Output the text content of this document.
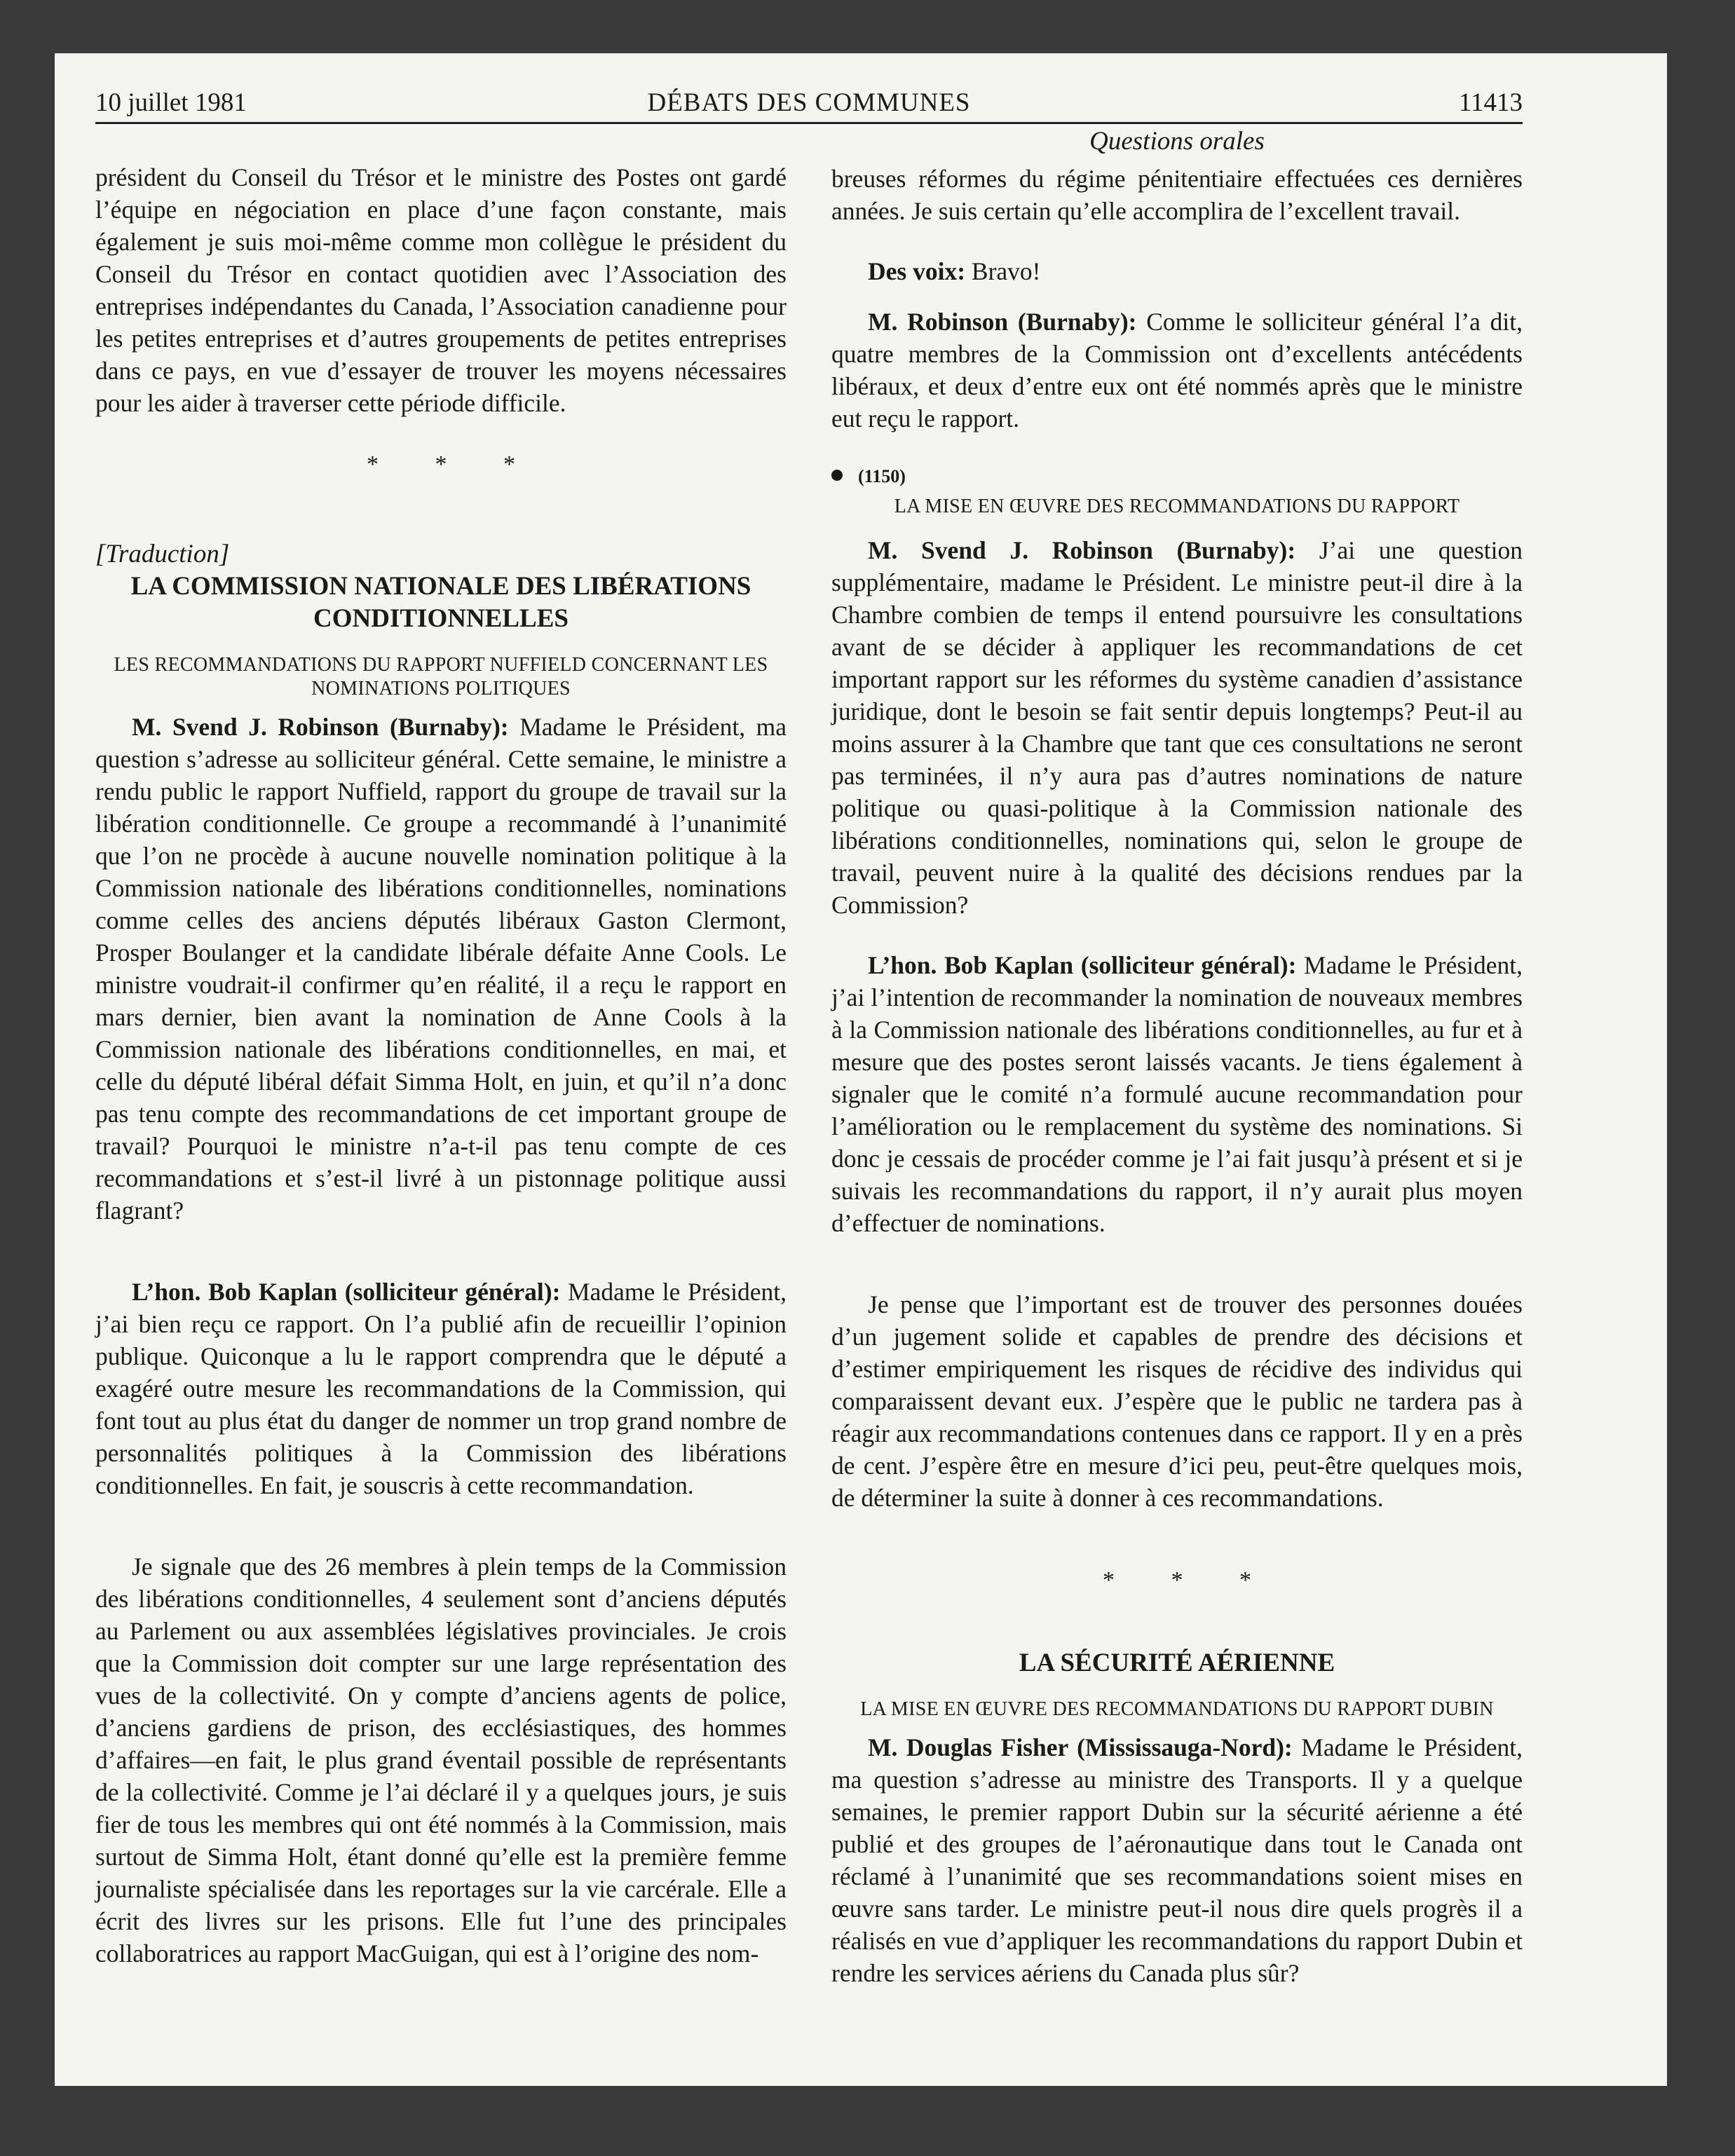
10 juillet 1981	DÉBATS DES COMMUNES	11413
Questions orales

président du Conseil du Trésor et le ministre des Postes ont gardé l’équipe en négociation en place d’une façon constante, mais également je suis moi-même comme mon collègue le président du Conseil du Trésor en contact quotidien avec l’Association des entreprises indépendantes du Canada, l’Association canadienne pour les petites entreprises et d’autres groupements de petites entreprises dans ce pays, en vue d’essayer de trouver les moyens nécessaires pour les aider à traverser cette période difficile.

* * *
[Traduction]
LA COMMISSION NATIONALE DES LIBÉRATIONS CONDITIONNELLES
LES RECOMMANDATIONS DU RAPPORT NUFFIELD CONCERNANT LES NOMINATIONS POLITIQUES

M. Svend J. Robinson (Burnaby): Madame le Président, ma question s’adresse au solliciteur général. Cette semaine, le ministre a rendu public le rapport Nuffield, rapport du groupe de travail sur la libération conditionnelle. Ce groupe a recommandé à l’unanimité que l’on ne procède à aucune nouvelle nomination politique à la Commission nationale des libérations conditionnelles, nominations comme celles des anciens députés libéraux Gaston Clermont, Prosper Boulanger et la candidate libérale défaite Anne Cools. Le ministre voudrait-il confirmer qu’en réalité, il a reçu le rapport en mars dernier, bien avant la nomination de Anne Cools à la Commission nationale des libérations conditionnelles, en mai, et celle du député libéral défait Simma Holt, en juin, et qu’il n’a donc pas tenu compte des recommandations de cet important groupe de travail? Pourquoi le ministre n’a-t-il pas tenu compte de ces recommandations et s’est-il livré à un pistonnage politique aussi flagrant?

L’hon. Bob Kaplan (solliciteur général): Madame le Président, j’ai bien reçu ce rapport. On l’a publié afin de recueillir l’opinion publique. Quiconque a lu le rapport comprendra que le député a exagéré outre mesure les recommandations de la Commission, qui font tout au plus état du danger de nommer un trop grand nombre de personnalités politiques à la Commission des libérations conditionnelles. En fait, je souscris à cette recommandation.

Je signale que des 26 membres à plein temps de la Commission des libérations conditionnelles, 4 seulement sont d’anciens députés au Parlement ou aux assemblées législatives provinciales. Je crois que la Commission doit compter sur une large représentation des vues de la collectivité. On y compte d’anciens agents de police, d’anciens gardiens de prison, des ecclésiastiques, des hommes d’affaires—en fait, le plus grand éventail possible de représentants de la collectivité. Comme je l’ai déclaré il y a quelques jours, je suis fier de tous les membres qui ont été nommés à la Commission, mais surtout de Simma Holt, étant donné qu’elle est la première femme journaliste spécialisée dans les reportages sur la vie carcérale. Elle a écrit des livres sur les prisons. Elle fut l’une des principales collaboratrices au rapport MacGuigan, qui est à l’origine des nom-

breuses réformes du régime pénitentiaire effectuées ces dernières années. Je suis certain qu’elle accomplira de l’excellent travail.

Des voix: Bravo!

M. Robinson (Burnaby): Comme le solliciteur général l’a dit, quatre membres de la Commission ont d’excellents antécédents libéraux, et deux d’entre eux ont été nommés après que le ministre eut reçu le rapport.

(1150)
LA MISE EN ŒUVRE DES RECOMMANDATIONS DU RAPPORT

M. Svend J. Robinson (Burnaby): J’ai une question supplémentaire, madame le Président. Le ministre peut-il dire à la Chambre combien de temps il entend poursuivre les consultations avant de se décider à appliquer les recommandations de cet important rapport sur les réformes du système canadien d’assistance juridique, dont le besoin se fait sentir depuis longtemps? Peut-il au moins assurer à la Chambre que tant que ces consultations ne seront pas terminées, il n’y aura pas d’autres nominations de nature politique ou quasi-politique à la Commission nationale des libérations conditionnelles, nominations qui, selon le groupe de travail, peuvent nuire à la qualité des décisions rendues par la Commission?

L’hon. Bob Kaplan (solliciteur général): Madame le Président, j’ai l’intention de recommander la nomination de nouveaux membres à la Commission nationale des libérations conditionnelles, au fur et à mesure que des postes seront laissés vacants. Je tiens également à signaler que le comité n’a formulé aucune recommandation pour l’amélioration ou le remplacement du système des nominations. Si donc je cessais de procéder comme je l’ai fait jusqu’à présent et si je suivais les recommandations du rapport, il n’y aurait plus moyen d’effectuer de nominations.

Je pense que l’important est de trouver des personnes douées d’un jugement solide et capables de prendre des décisions et d’estimer empiriquement les risques de récidive des individus qui comparaissent devant eux. J’espère que le public ne tardera pas à réagir aux recommandations contenues dans ce rapport. Il y en a près de cent. J’espère être en mesure d’ici peu, peut-être quelques mois, de déterminer la suite à donner à ces recommandations.

* * *
LA SÉCURITÉ AÉRIENNE
LA MISE EN ŒUVRE DES RECOMMANDATIONS DU RAPPORT DUBIN

M. Douglas Fisher (Mississauga-Nord): Madame le Président, ma question s’adresse au ministre des Transports. Il y a quelque semaines, le premier rapport Dubin sur la sécurité aérienne a été publié et des groupes de l’aéronautique dans tout le Canada ont réclamé à l’unanimité que ses recommandations soient mises en œuvre sans tarder. Le ministre peut-il nous dire quels progrès il a réalisés en vue d’appliquer les recommandations du rapport Dubin et rendre les services aériens du Canada plus sûr?
